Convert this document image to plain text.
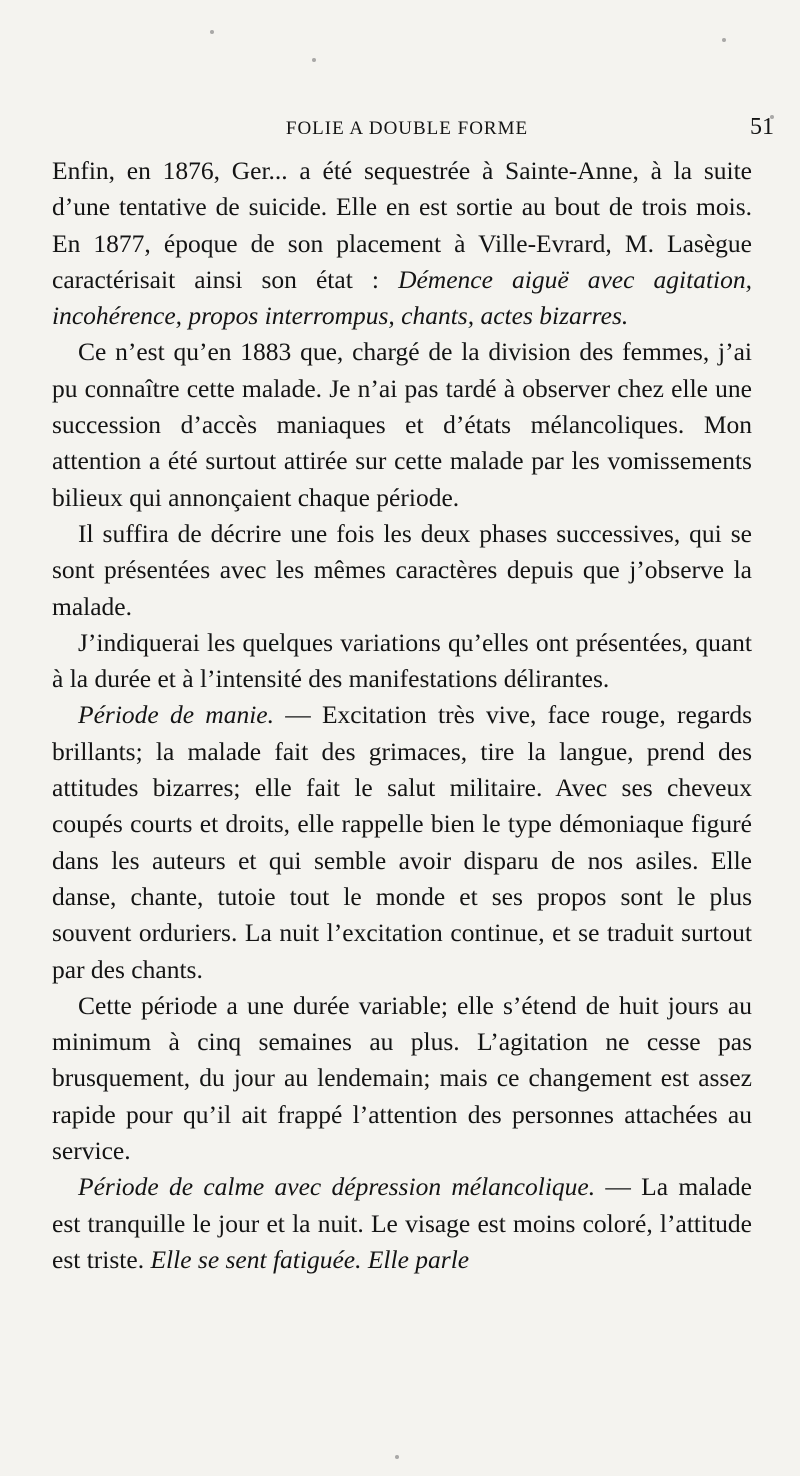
FOLIE A DOUBLE FORME	51

Enfin, en 1876, Ger... a été sequestrée à Sainte-Anne, à la suite d’une tentative de suicide. Elle en est sortie au bout de trois mois. En 1877, époque de son placement à Ville-Evrard, M. Lasègue caractérisait ainsi son état : Démence aiguë avec agitation, incohérence, propos interrompus, chants, actes bizarres.

Ce n’est qu’en 1883 que, chargé de la division des femmes, j’ai pu connaître cette malade. Je n’ai pas tardé à observer chez elle une succession d’accès maniaques et d’états mélancoliques. Mon attention a été surtout attirée sur cette malade par les vomissements bilieux qui annonçaient chaque période.

Il suffira de décrire une fois les deux phases successives, qui se sont présentées avec les mêmes caractères depuis que j’observe la malade.

J’indiquerai les quelques variations qu’elles ont présentées, quant à la durée et à l’intensité des manifestations délirantes.

Période de manie. — Excitation très vive, face rouge, regards brillants; la malade fait des grimaces, tire la langue, prend des attitudes bizarres; elle fait le salut militaire. Avec ses cheveux coupés courts et droits, elle rappelle bien le type démoniaque figuré dans les auteurs et qui semble avoir disparu de nos asiles. Elle danse, chante, tutoie tout le monde et ses propos sont le plus souvent orduriers. La nuit l’excitation continue, et se traduit surtout par des chants.

Cette période a une durée variable; elle s’étend de huit jours au minimum à cinq semaines au plus. L’agitation ne cesse pas brusquement, du jour au lendemain; mais ce changement est assez rapide pour qu’il ait frappé l’attention des personnes attachées au service.

Période de calme avec dépression mélancolique. — La malade est tranquille le jour et la nuit. Le visage est moins coloré, l’attitude est triste. Elle se sent fatiguée. Elle parle
